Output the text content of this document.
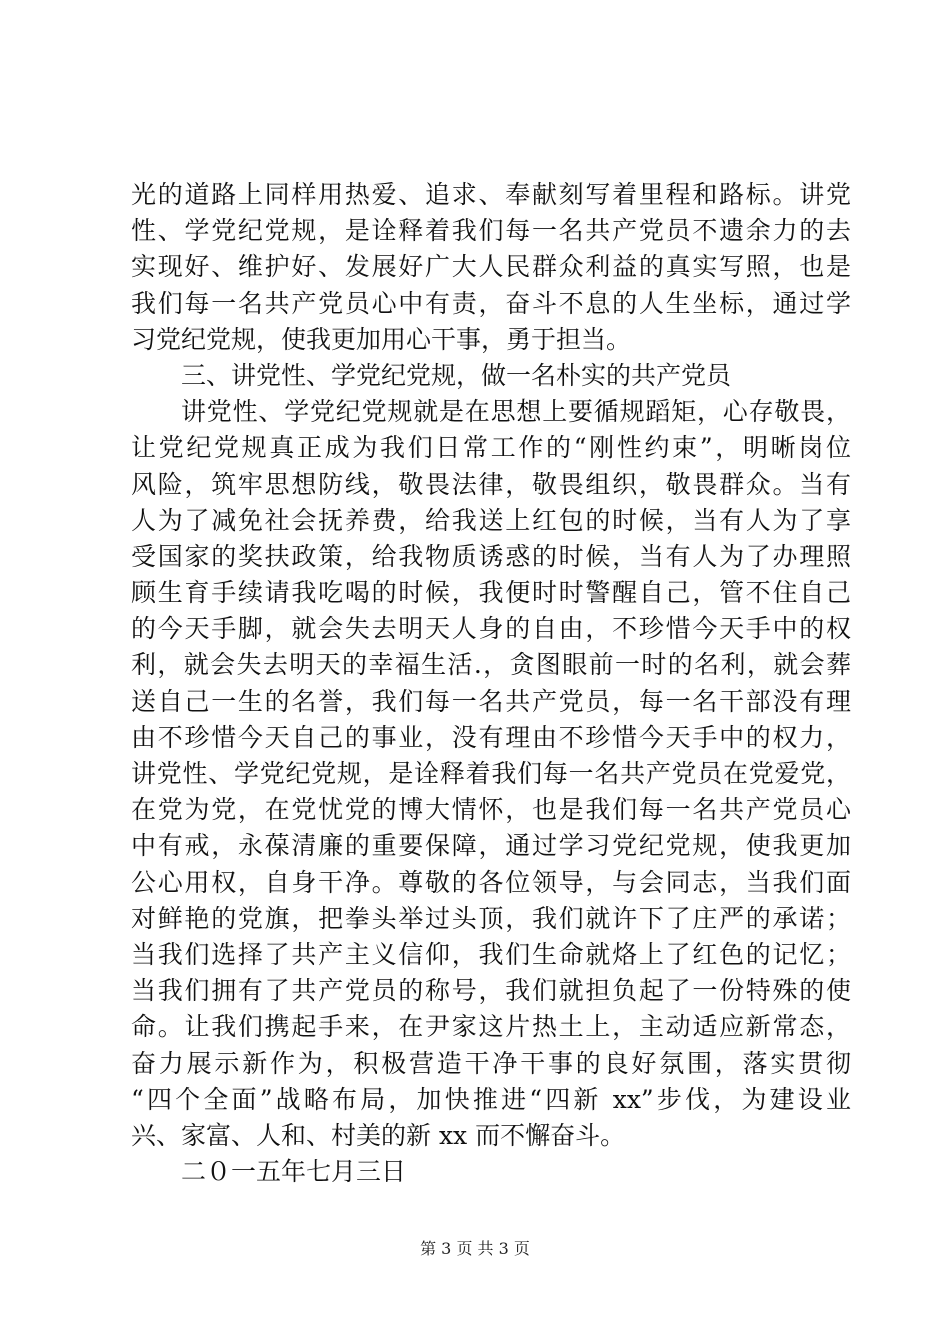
光的道路上同样用热爱、追求、奉献刻写着里程和路标。讲党
性、学党纪党规，是诠释着我们每一名共产党员不遗余力的去
实现好、维护好、发展好广大人民群众利益的真实写照，也是
我们每一名共产党员心中有责，奋斗不息的人生坐标，通过学
习党纪党规，使我更加用心干事，勇于担当。
三、讲党性、学党纪党规，做一名朴实的共产党员
讲党性、学党纪党规就是在思想上要循规蹈矩，心存敬畏，
让党纪党规真正成为我们日常工作的“刚性约束”，明晰岗位
风险，筑牢思想防线，敬畏法律，敬畏组织，敬畏群众。当有
人为了减免社会抚养费，给我送上红包的时候，当有人为了享
受国家的奖扶政策，给我物质诱惑的时候，当有人为了办理照
顾生育手续请我吃喝的时候，我便时时警醒自己，管不住自己
的今天手脚，就会失去明天人身的自由，不珍惜今天手中的权
利，就会失去明天的幸福生活.，贪图眼前一时的名利，就会葬
送自己一生的名誉，我们每一名共产党员，每一名干部没有理
由不珍惜今天自己的事业，没有理由不珍惜今天手中的权力，
讲党性、学党纪党规，是诠释着我们每一名共产党员在党爱党，
在党为党，在党忧党的博大情怀，也是我们每一名共产党员心
中有戒，永葆清廉的重要保障，通过学习党纪党规，使我更加
公心用权，自身干净。尊敬的各位领导，与会同志，当我们面
对鲜艳的党旗，把拳头举过头顶，我们就许下了庄严的承诺；
当我们选择了共产主义信仰，我们生命就烙上了红色的记忆；
当我们拥有了共产党员的称号，我们就担负起了一份特殊的使
命。让我们携起手来，在尹家这片热土上，主动适应新常态，
奋力展示新作为，积极营造干净干事的良好氛围，落实贯彻
“四个全面”战略布局，加快推进“四新 xx”步伐，为建设业
兴、家富、人和、村美的新 xx 而不懈奋斗。
二０一五年七月三日
第 3 页 共 3 页
